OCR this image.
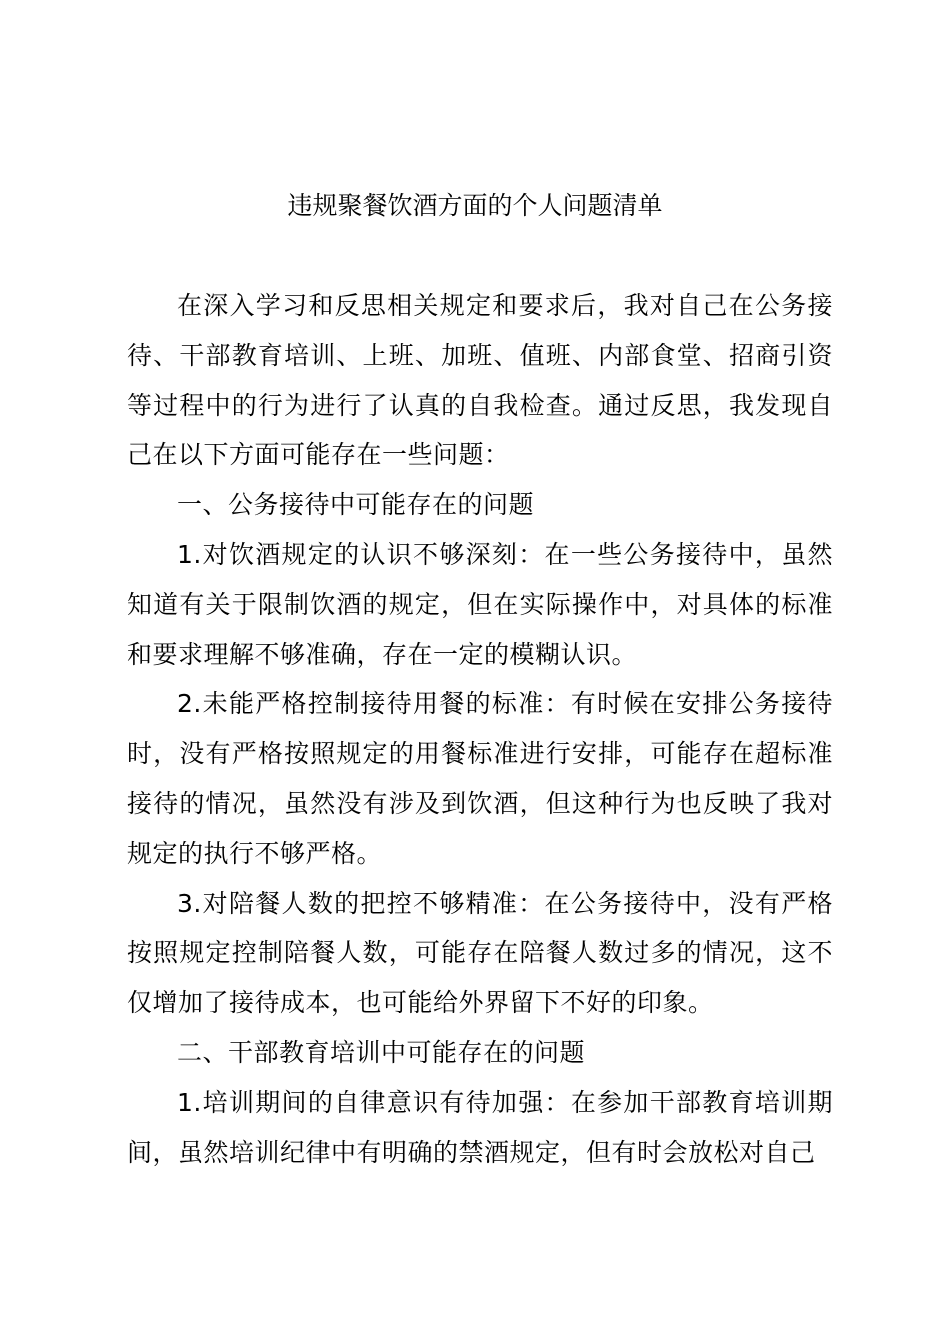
违规聚餐饮酒方面的个人问题清单

在深入学习和反思相关规定和要求后，我对自己在公务接待、干部教育培训、上班、加班、值班、内部食堂、招商引资等过程中的行为进行了认真的自我检查。通过反思，我发现自己在以下方面可能存在一些问题：

一、公务接待中可能存在的问题

1.对饮酒规定的认识不够深刻：在一些公务接待中，虽然知道有关于限制饮酒的规定，但在实际操作中，对具体的标准和要求理解不够准确，存在一定的模糊认识。

2.未能严格控制接待用餐的标准：有时候在安排公务接待时，没有严格按照规定的用餐标准进行安排，可能存在超标准接待的情况，虽然没有涉及到饮酒，但这种行为也反映了我对规定的执行不够严格。

3.对陪餐人数的把控不够精准：在公务接待中，没有严格按照规定控制陪餐人数，可能存在陪餐人数过多的情况，这不仅增加了接待成本，也可能给外界留下不好的印象。

二、干部教育培训中可能存在的问题

1.培训期间的自律意识有待加强：在参加干部教育培训期间，虽然培训纪律中有明确的禁酒规定，但有时会放松对自己
